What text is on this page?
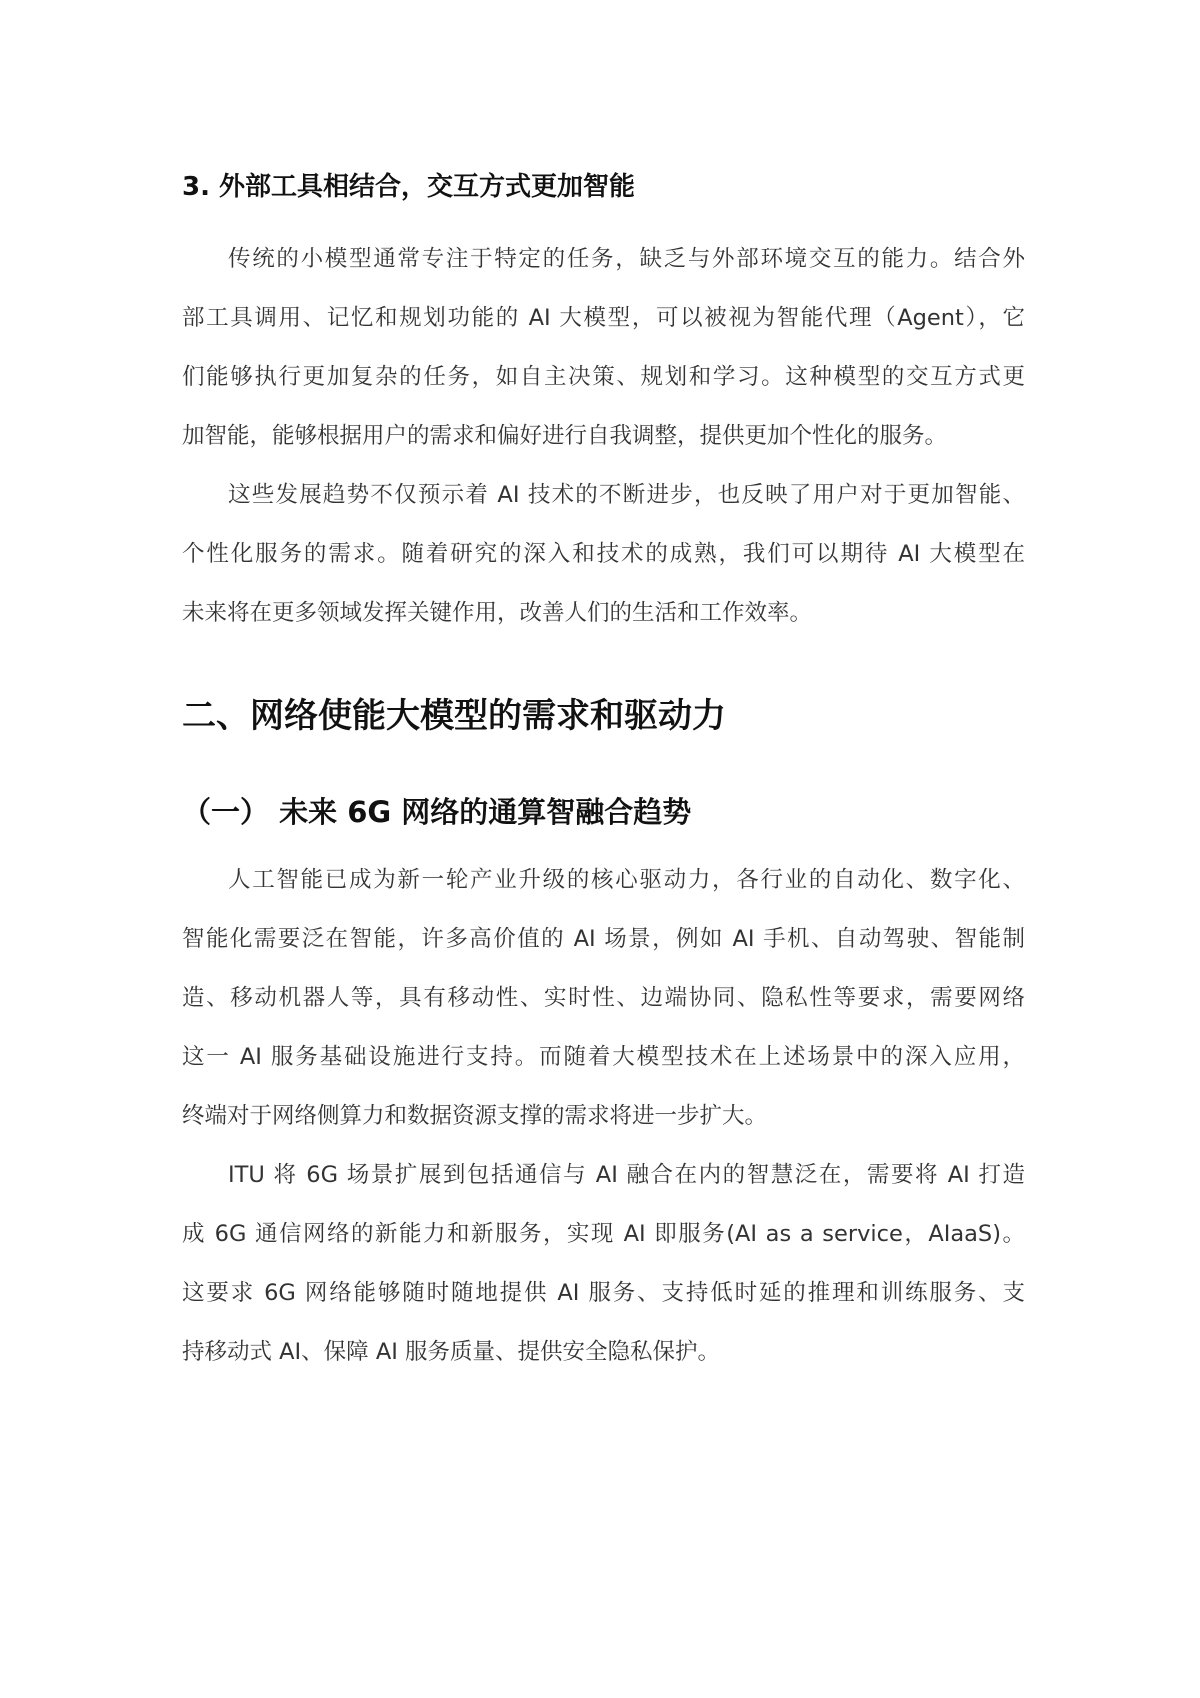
3. 外部工具相结合，交互方式更加智能
传统的小模型通常专注于特定的任务，缺乏与外部环境交互的能力。结合外
部工具调用、记忆和规划功能的 AI 大模型，可以被视为智能代理（Agent），它
们能够执行更加复杂的任务，如自主决策、规划和学习。这种模型的交互方式更
加智能，能够根据用户的需求和偏好进行自我调整，提供更加个性化的服务。
这些发展趋势不仅预示着 AI 技术的不断进步，也反映了用户对于更加智能、
个性化服务的需求。随着研究的深入和技术的成熟，我们可以期待 AI 大模型在
未来将在更多领域发挥关键作用，改善人们的生活和工作效率。
二、网络使能大模型的需求和驱动力
（一） 未来 6G 网络的通算智融合趋势
人工智能已成为新一轮产业升级的核心驱动力，各行业的自动化、数字化、
智能化需要泛在智能，许多高价值的 AI 场景，例如 AI 手机、自动驾驶、智能制
造、移动机器人等，具有移动性、实时性、边端协同、隐私性等要求，需要网络
这一 AI 服务基础设施进行支持。而随着大模型技术在上述场景中的深入应用，
终端对于网络侧算力和数据资源支撑的需求将进一步扩大。
ITU 将 6G 场景扩展到包括通信与 AI 融合在内的智慧泛在，需要将 AI 打造
成 6G 通信网络的新能力和新服务，实现 AI 即服务(AI as a service，AIaaS)。
这要求 6G 网络能够随时随地提供 AI 服务、支持低时延的推理和训练服务、支
持移动式 AI、保障 AI 服务质量、提供安全隐私保护。
